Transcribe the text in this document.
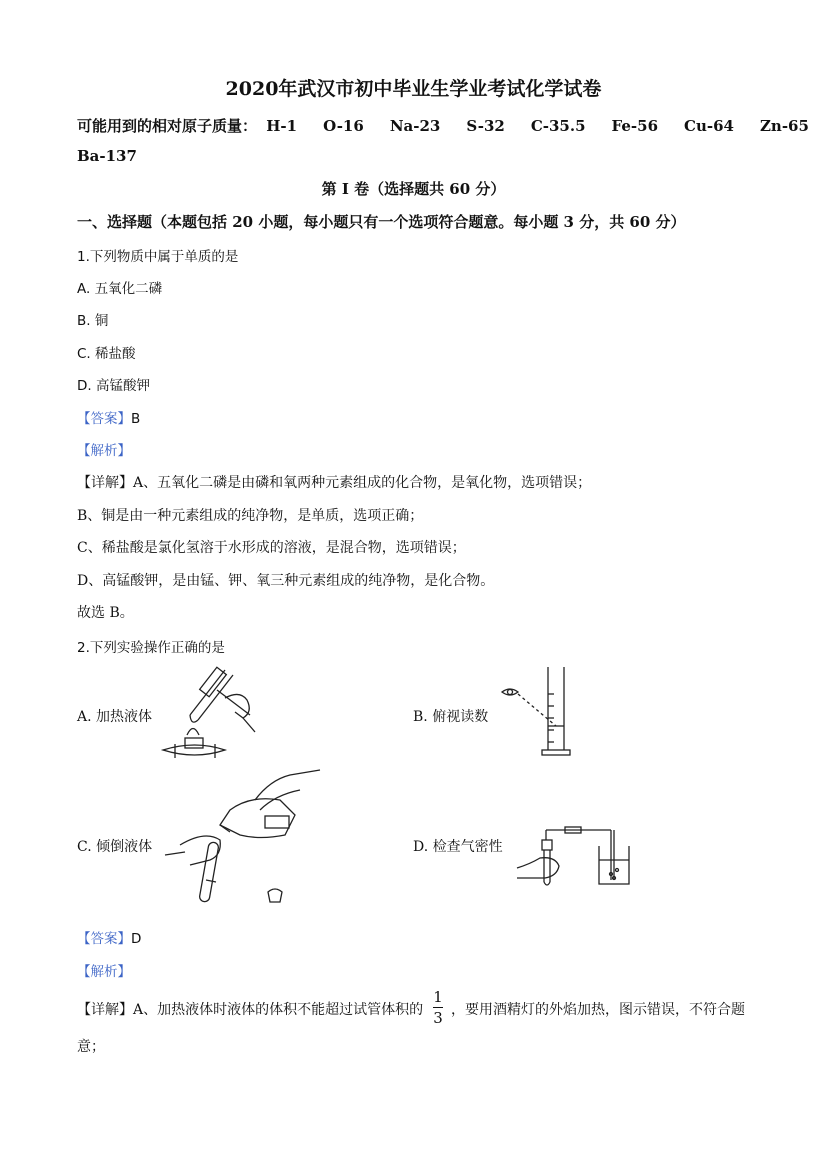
2020年武汉市初中毕业生学业考试化学试卷
可能用到的相对原子质量： H-1 O-16 Na-23 S-32 C-35.5 Fe-56 Cu-64 Zn-65
Ba-137
第 I 卷（选择题共 60 分）
一、选择题（本题包括 20 小题，每小题只有一个选项符合题意。每小题 3 分，共 60 分）
1.下列物质中属于单质的是
A. 五氧化二磷
B. 铜
C. 稀盐酸
D. 高锰酸钾
【答案】B
【解析】
【详解】A、五氧化二磷是由磷和氧两种元素组成的化合物，是氧化物，选项错误；
B、铜是由一种元素组成的纯净物，是单质，选项正确；
C、稀盐酸是氯化氢溶于水形成的溶液，是混合物，选项错误；
D、高锰酸钾，是由锰、钾、氧三种元素组成的纯净物，是化合物。
故选 B。
2.下列实验操作正确的是
A. 加热液体	B. 俯视读数
C. 倾倒液体	D. 检查气密性
【答案】D
【解析】
【详解】A、加热液体时液体的体积不能超过试管体积的
1
3 ，要用酒精灯的外焰加热，图示错误，不符合题
意；
